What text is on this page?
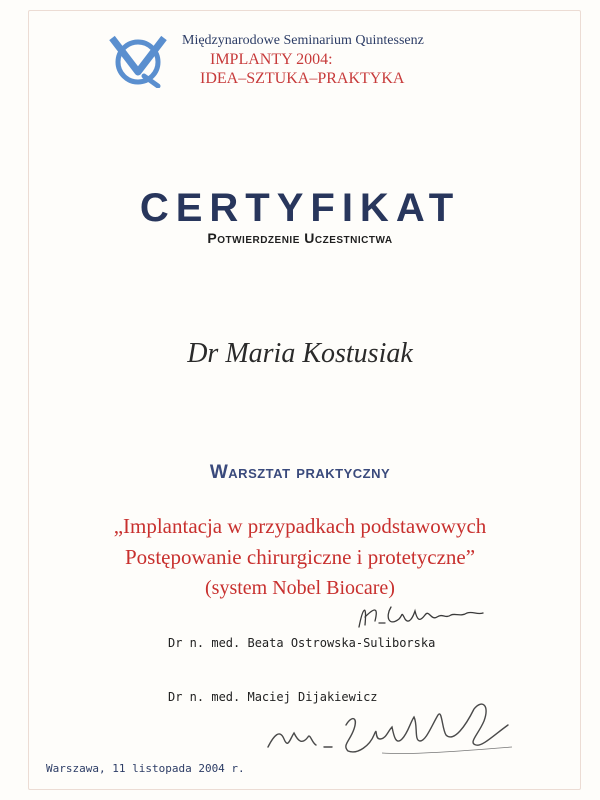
Międzynarodowe Seminarium Quintessenz
IMPLANTY 2004:
IDEA–SZTUKA–PRAKTYKA
CERTYFIKAT
Potwierdzenie Uczestnictwa
Dr Maria Kostusiak
Warsztat praktyczny
„Implantacja w przypadkach podstawowych
Postępowanie chirurgiczne i protetyczne”
(system Nobel Biocare)
Dr n. med. Beata Ostrowska-Suliborska
Dr n. med. Maciej Dijakiewicz
Warszawa, 11 listopada 2004 r.
